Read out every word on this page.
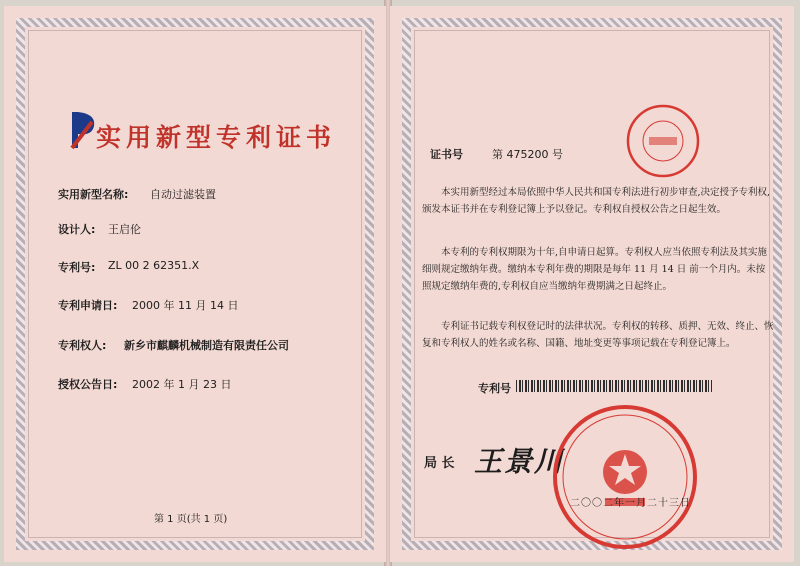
实用新型专利证书
实用新型名称: 自动过滤装置
设计人: 王启伦
专利号: ZL 00 2 62351.X
专利申请日: 2000 年 11 月 14 日
专利权人: 新乡市麒麟机械制造有限责任公司
授权公告日: 2002 年 1 月 23 日
第 1 页(共 1 页)
证书号	第 475200 号
本实用新型经过本局依照中华人民共和国专利法进行初步审查,决定授予专利权,颁发本证书并在专利登记簿上予以登记。专利权自授权公告之日起生效。
本专利的专利权期限为十年,自申请日起算。专利权人应当依照专利法及其实施细则规定缴纳年费。缴纳本专利年费的期限是每年 11 月 14 日 前一个月内。未按照规定缴纳年费的,专利权自应当缴纳年费期满之日起终止。
专利证书记载专利权登记时的法律状况。专利权的转移、质押、无效、终止、恢复和专利权人的姓名或名称、国籍、地址变更等事项记载在专利登记簿上。
专利号
局 长 王景川
二〇〇二年一月二十三日
